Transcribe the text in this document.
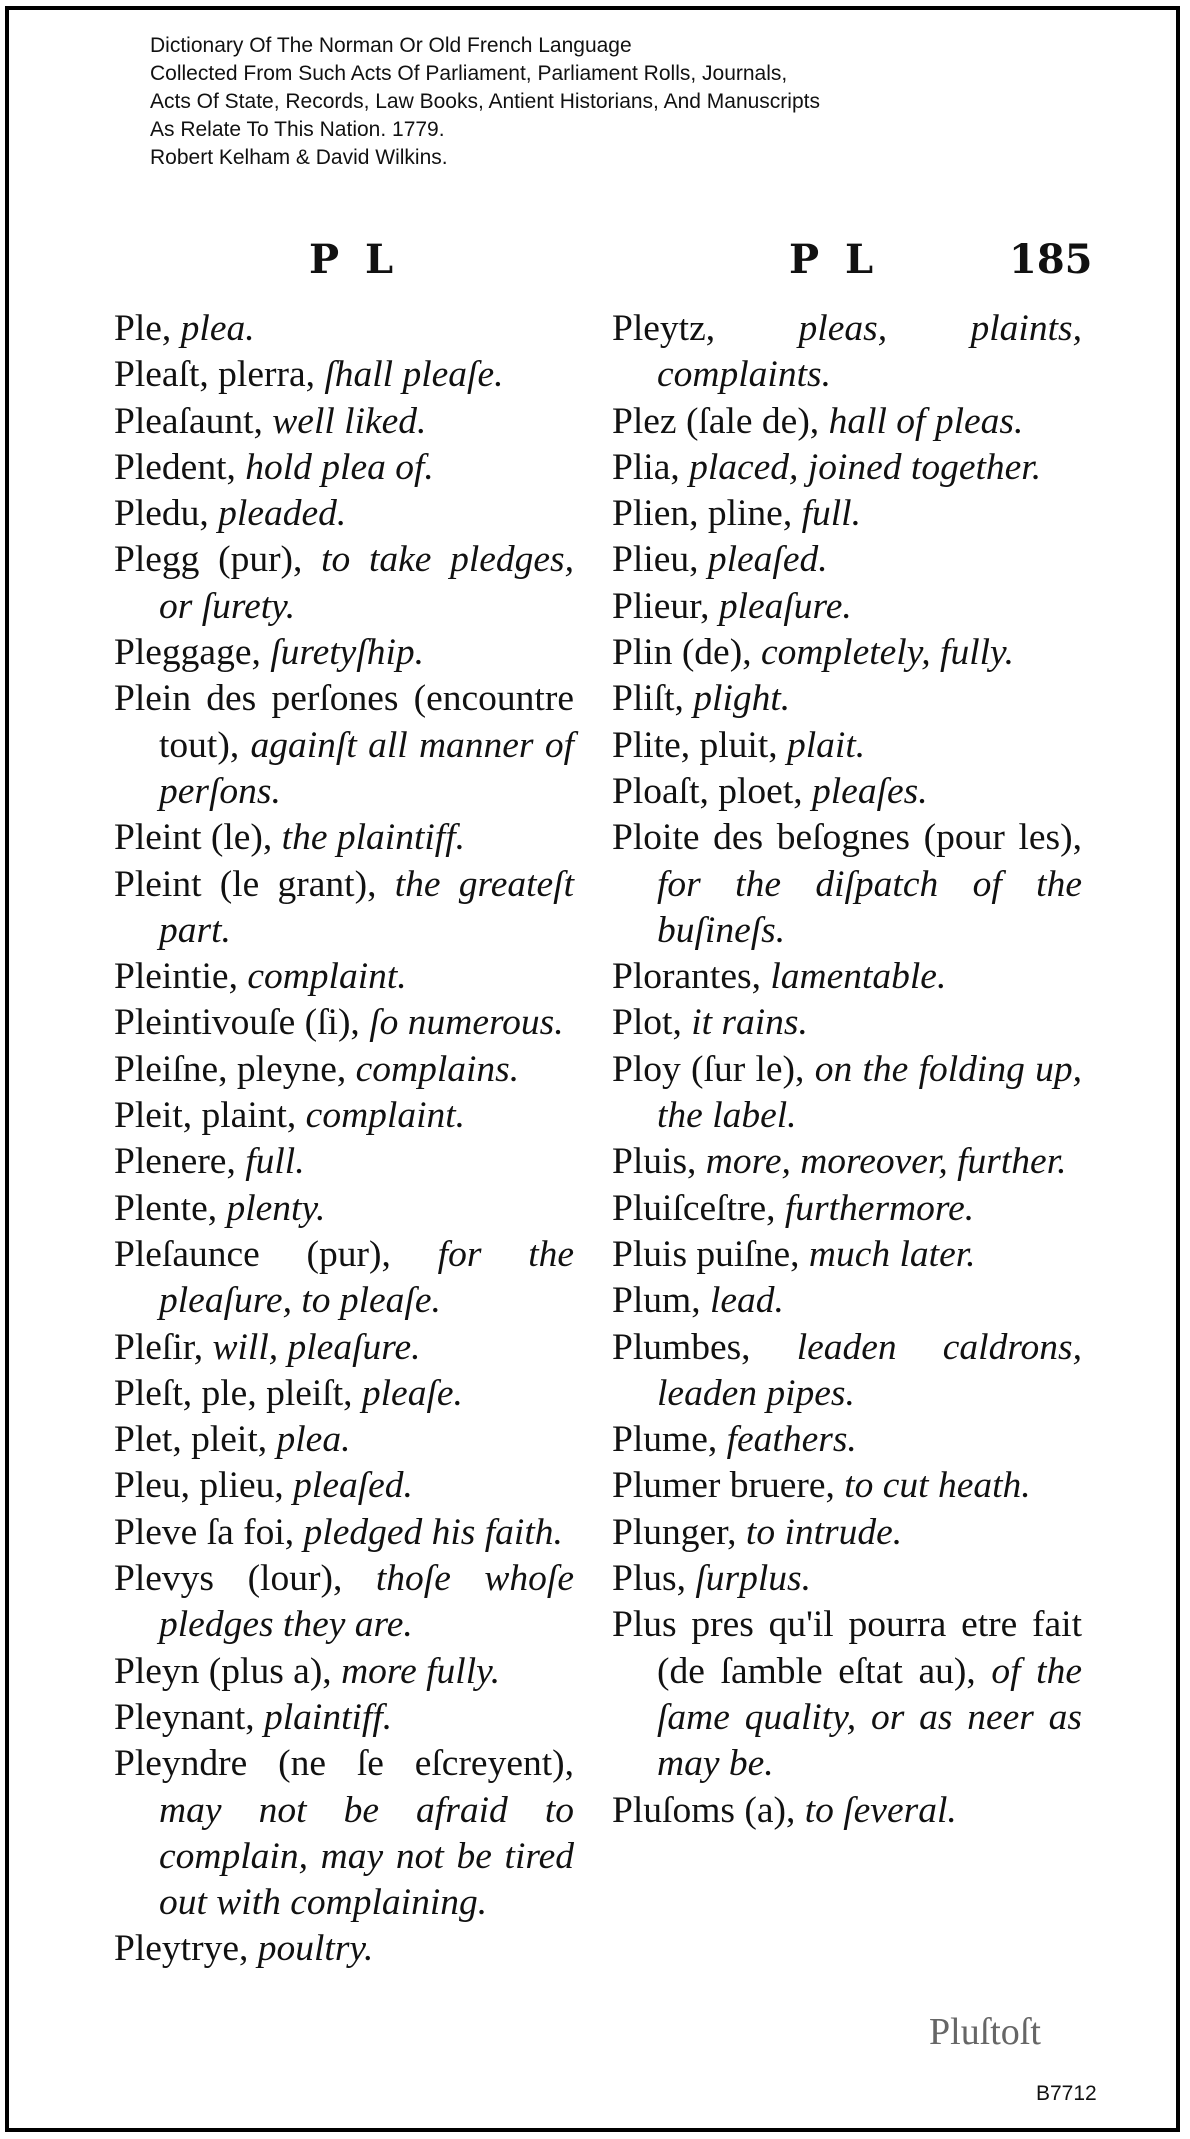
Dictionary Of The Norman Or Old French Language
Collected From Such Acts Of Parliament, Parliament Rolls, Journals,
Acts Of State, Records, Law Books, Antient Historians, And Manuscripts
As Relate To This Nation. 1779.
Robert Kelham & David Wilkins.
P L	P L	185
Ple, plea.
Pleaſt, plerra, ſhall pleaſe.
Pleaſaunt, well liked.
Pledent, hold plea of.
Pledu, pleaded.
Plegg (pur), to take pledges, or ſurety.
Pleggage, ſuretyſhip.
Plein des perſones (encountre tout), againſt all manner of perſons.
Pleint (le), the plaintiff.
Pleint (le grant), the greateſt part.
Pleintie, complaint.
Pleintivouſe (ſi), ſo numerous.
Pleiſne, pleyne, complains.
Pleit, plaint, complaint.
Plenere, full.
Plente, plenty.
Pleſaunce (pur), for the pleaſure, to pleaſe.
Pleſir, will, pleaſure.
Pleſt, ple, pleiſt, pleaſe.
Plet, pleit, plea.
Pleu, plieu, pleaſed.
Pleve ſa foi, pledged his faith.
Plevys (lour), thoſe whoſe pledges they are.
Pleyn (plus a), more fully.
Pleynant, plaintiff.
Pleyndre (ne ſe eſcreyent), may not be afraid to complain, may not be tired out with complaining.
Pleytrye, poultry.
Pleytz, pleas, plaints, complaints.
Plez (ſale de), hall of pleas.
Plia, placed, joined together.
Plien, pline, full.
Plieu, pleaſed.
Plieur, pleaſure.
Plin (de), completely, fully.
Pliſt, plight.
Plite, pluit, plait.
Ploaſt, ploet, pleaſes.
Ploite des beſognes (pour les), for the diſpatch of the buſineſs.
Plorantes, lamentable.
Plot, it rains.
Ploy (ſur le), on the folding up, the label.
Pluis, more, moreover, further.
Pluiſceſtre, furthermore.
Pluis puiſne, much later.
Plum, lead.
Plumbes, leaden caldrons, leaden pipes.
Plume, feathers.
Plumer bruere, to cut heath.
Plunger, to intrude.
Plus, ſurplus.
Plus pres qu'il pourra etre fait (de ſamble eſtat au), of the ſame quality, or as neer as may be.
Pluſoms (a), to ſeveral.
Pluſtoſt
B7712
